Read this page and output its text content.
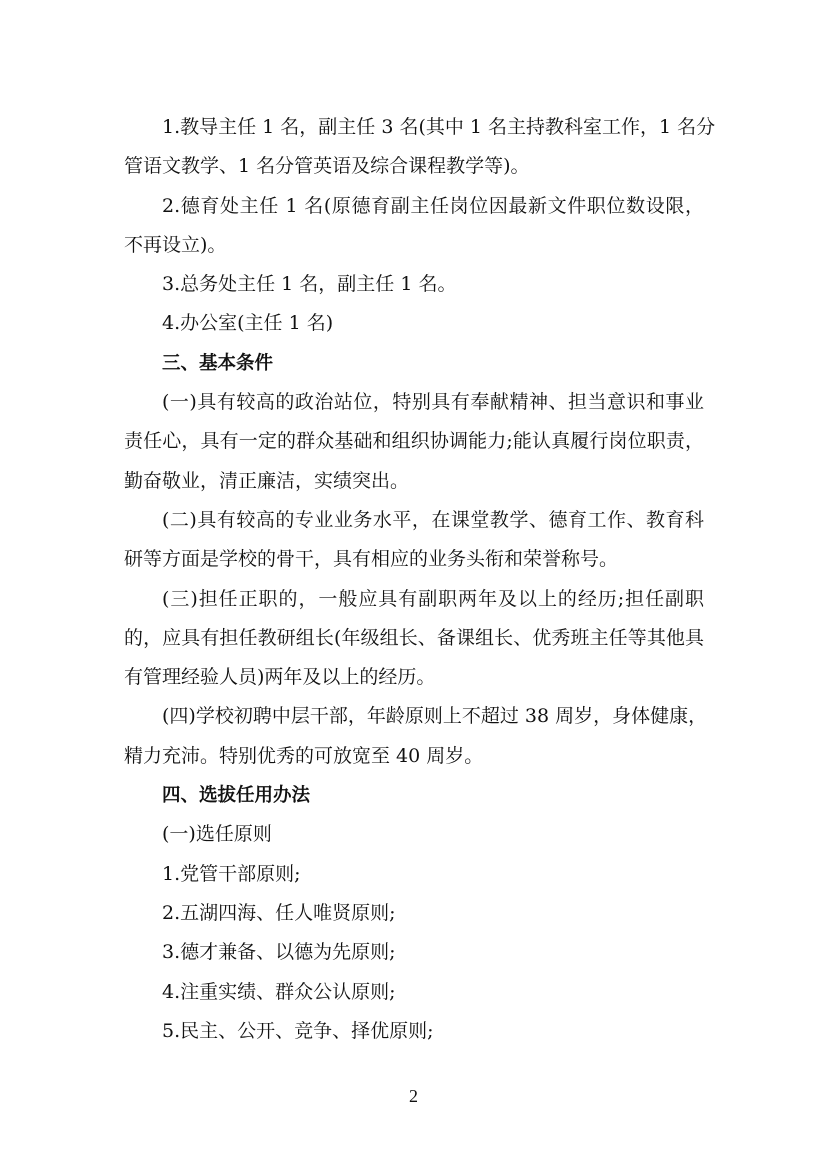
1.教导主任 1 名，副主任 3 名(其中 1 名主持教科室工作，1 名分
管语文教学、1 名分管英语及综合课程教学等)。
2.德育处主任 1 名(原德育副主任岗位因最新文件职位数设限，
不再设立)。
3.总务处主任 1 名，副主任 1 名。
4.办公室(主任 1 名)
三、基本条件
(一)具有较高的政治站位，特别具有奉献精神、担当意识和事业
责任心，具有一定的群众基础和组织协调能力;能认真履行岗位职责，
勤奋敬业，清正廉洁，实绩突出。
(二)具有较高的专业业务水平，在课堂教学、德育工作、教育科
研等方面是学校的骨干，具有相应的业务头衔和荣誉称号。
(三)担任正职的，一般应具有副职两年及以上的经历;担任副职
的，应具有担任教研组长(年级组长、备课组长、优秀班主任等其他具
有管理经验人员)两年及以上的经历。
(四)学校初聘中层干部，年龄原则上不超过 38 周岁，身体健康，
精力充沛。特别优秀的可放宽至 40 周岁。
四、选拔任用办法
(一)选任原则
1.党管干部原则;
2.五湖四海、任人唯贤原则;
3.德才兼备、以德为先原则;
4.注重实绩、群众公认原则;
5.民主、公开、竞争、择优原则;
2
